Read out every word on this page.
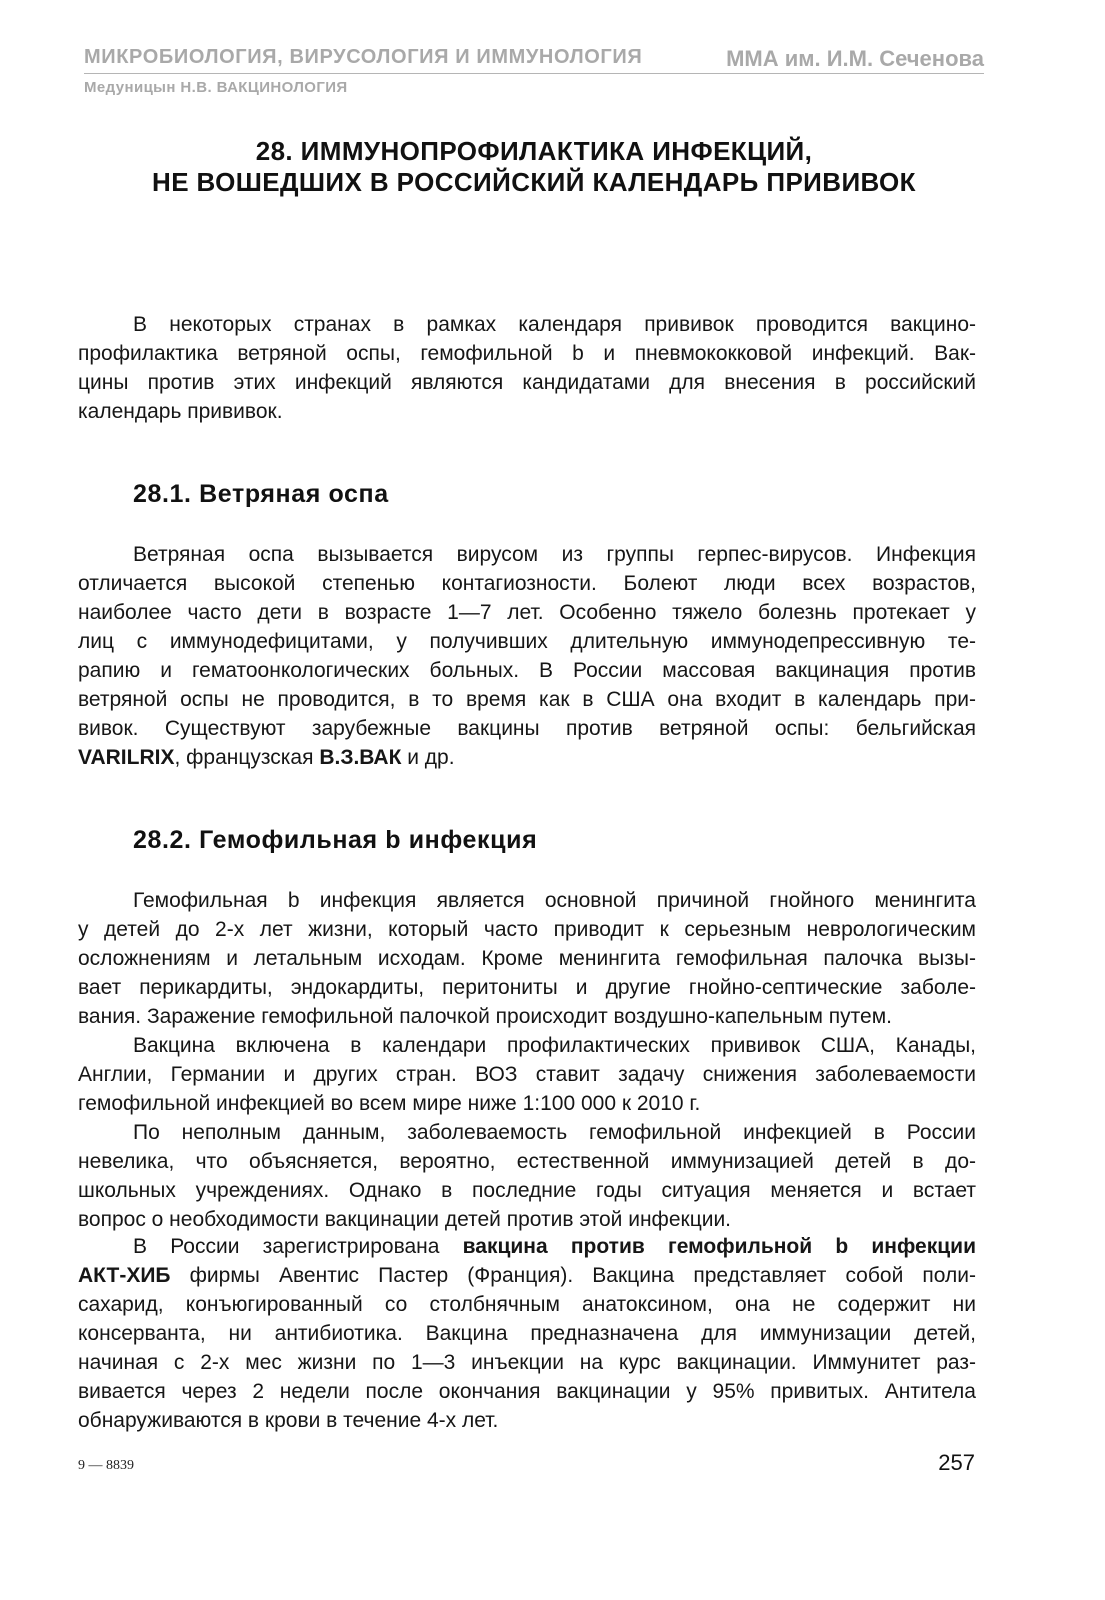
МИКРОБИОЛОГИЯ, ВИРУСОЛОГИЯ И ИММУНОЛОГИЯ	ММА им. И.М. Сеченова
Медуницын Н.В. ВАКЦИНОЛОГИЯ
28. ИММУНОПРОФИЛАКТИКА ИНФЕКЦИЙ,
НЕ ВОШЕДШИХ В РОССИЙСКИЙ КАЛЕНДАРЬ ПРИВИВОК
В некоторых странах в рамках календаря прививок проводится вакцино-
профилактика ветряной оспы, гемофильной b и пневмококковой инфекций. Вак-
цины против этих инфекций являются кандидатами для внесения в российский
календарь прививок.
28.1. Ветряная оспа
Ветряная оспа вызывается вирусом из группы герпес-вирусов. Инфекция
отличается высокой степенью контагиозности. Болеют люди всех возрастов,
наиболее часто дети в возрасте 1—7 лет. Особенно тяжело болезнь протекает у
лиц с иммунодефицитами, у получивших длительную иммунодепрессивную те-
рапию и гематоонкологических больных. В России массовая вакцинация против
ветряной оспы не проводится, в то время как в США она входит в календарь при-
вивок. Существуют зарубежные вакцины против ветряной оспы: бельгийская
VARILRIX, французская В.З.ВАК и др.
28.2. Гемофильная b инфекция
Гемофильная b инфекция является основной причиной гнойного менингита
у детей до 2-х лет жизни, который часто приводит к серьезным неврологическим
осложнениям и летальным исходам. Кроме менингита гемофильная палочка вызы-
вает перикардиты, эндокардиты, перитониты и другие гнойно-септические заболе-
вания. Заражение гемофильной палочкой происходит воздушно-капельным путем.
Вакцина включена в календари профилактических прививок США, Канады,
Англии, Германии и других стран. ВОЗ ставит задачу снижения заболеваемости
гемофильной инфекцией во всем мире ниже 1:100 000 к 2010 г.
По неполным данным, заболеваемость гемофильной инфекцией в России
невелика, что объясняется, вероятно, естественной иммунизацией детей в до-
школьных учреждениях. Однако в последние годы ситуация меняется и встает
вопрос о необходимости вакцинации детей против этой инфекции.
В России зарегистрирована вакцина против гемофильной b инфекции
АКТ-ХИБ фирмы Авентис Пастер (Франция). Вакцина представляет собой поли-
сахарид, конъюгированный со столбнячным анатоксином, она не содержит ни
консерванта, ни антибиотика. Вакцина предназначена для иммунизации детей,
начиная с 2-х мес жизни по 1—3 инъекции на курс вакцинации. Иммунитет раз-
вивается через 2 недели после окончания вакцинации у 95% привитых. Антитела
обнаруживаются в крови в течение 4-х лет.
9 — 8839	257
